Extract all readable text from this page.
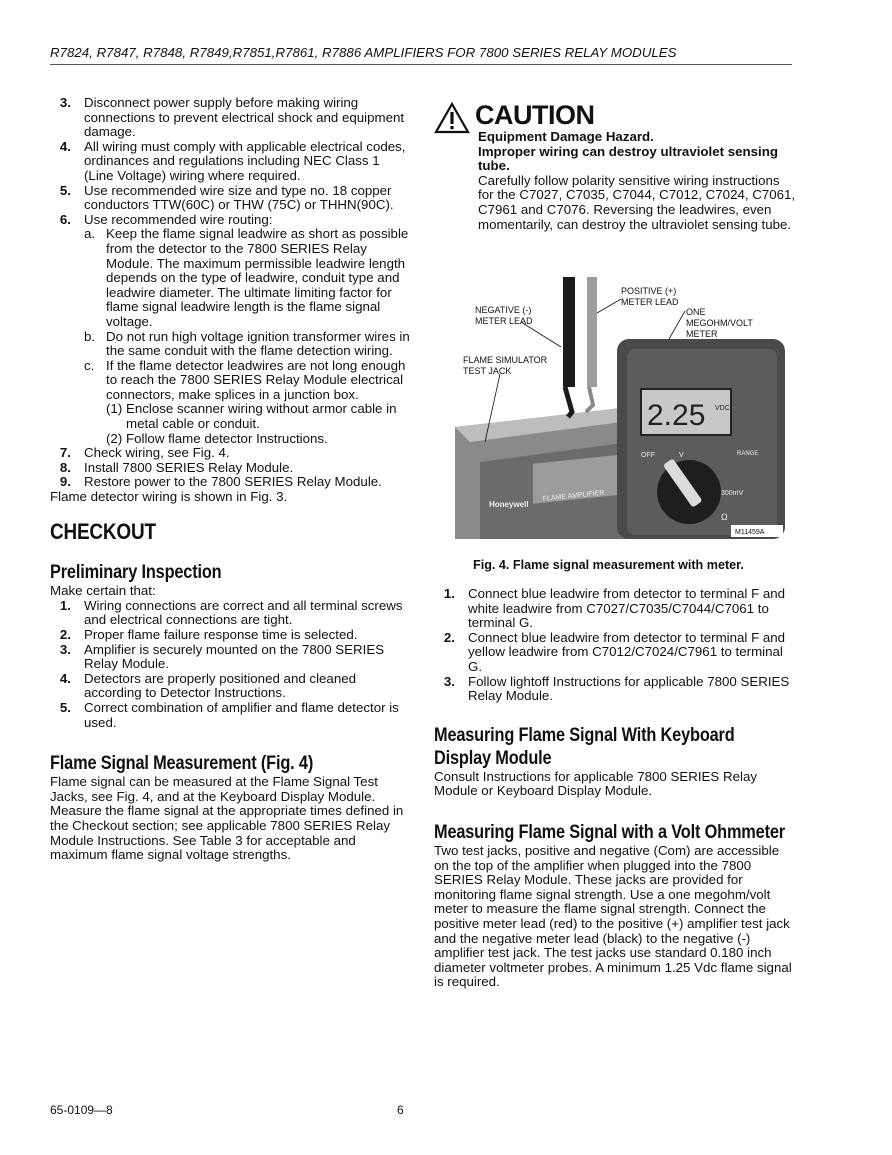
R7824, R7847, R7848, R7849,R7851,R7861, R7886 AMPLIFIERS FOR 7800 SERIES RELAY MODULES
3. Disconnect power supply before making wiring connections to prevent electrical shock and equipment damage.
4. All wiring must comply with applicable electrical codes, ordinances and regulations including NEC Class 1 (Line Voltage) wiring where required.
5. Use recommended wire size and type no. 18 copper conductors TTW(60C) or THW (75C) or THHN(90C).
6. Use recommended wire routing:
a. Keep the flame signal leadwire as short as possible from the detector to the 7800 SERIES Relay Module. The maximum permissible leadwire length depends on the type of leadwire, conduit type and leadwire diameter. The ultimate limiting factor for flame signal leadwire length is the flame signal voltage.
b. Do not run high voltage ignition transformer wires in the same conduit with the flame detection wiring.
c. If the flame detector leadwires are not long enough to reach the 7800 SERIES Relay Module electrical connectors, make splices in a junction box.
(1) Enclose scanner wiring without armor cable in metal cable or conduit.
(2) Follow flame detector Instructions.
7. Check wiring, see Fig. 4.
8. Install 7800 SERIES Relay Module.
9. Restore power to the 7800 SERIES Relay Module.

Flame detector wiring is shown in Fig. 3.

CHECKOUT
Preliminary Inspection

Make certain that:

1. Wiring connections are correct and all terminal screws and electrical connections are tight.
2. Proper flame failure response time is selected.
3. Amplifier is securely mounted on the 7800 SERIES Relay Module.
4. Detectors are properly positioned and cleaned according to Detector Instructions.
5. Correct combination of amplifier and flame detector is used.
Flame Signal Measurement (Fig. 4)

Flame signal can be measured at the Flame Signal Test Jacks, see Fig. 4, and at the Keyboard Display Module. Measure the flame signal at the appropriate times defined in the Checkout section; see applicable 7800 SERIES Relay Module Instructions. See Table 3 for acceptable and maximum flame signal voltage strengths.

CAUTION

Equipment Damage Hazard.

Improper wiring can destroy ultraviolet sensing tube.

Carefully follow polarity sensitive wiring instructions for the C7027, C7035, C7044, C7012, C7024, C7061, C7961 and C7076. Reversing the leadwires, even momentarily, can destroy the ultraviolet sensing tube.

POSITIVE (+)
METER LEAD
NEGATIVE (-)
METER LEAD
ONE
MEGOHM/VOLT
METER
FLAME SIMULATOR
TEST JACK
2.25 VDC
OFF	V	RANGE
300mV
Ω
Honeywell
FLAME AMPLIFIER
M11459A
Fig. 4. Flame signal measurement with meter.
1. Connect blue leadwire from detector to terminal F and white leadwire from C7027/C7035/C7044/C7061 to terminal G.
2. Connect blue leadwire from detector to terminal F and yellow leadwire from C7012/C7024/C7961 to terminal G.
3. Follow lightoff Instructions for applicable 7800 SERIES Relay Module.
Measuring Flame Signal With Keyboard Display Module

Consult Instructions for applicable 7800 SERIES Relay Module or Keyboard Display Module.

Measuring Flame Signal with a Volt Ohmmeter

Two test jacks, positive and negative (Com) are accessible on the top of the amplifier when plugged into the 7800 SERIES Relay Module. These jacks are provided for monitoring flame signal strength. Use a one megohm/volt meter to measure the flame signal strength. Connect the positive meter lead (red) to the positive (+) amplifier test jack and the negative meter lead (black) to the negative (-) amplifier test jack. The test jacks use standard 0.180 inch diameter voltmeter probes. A minimum 1.25 Vdc flame signal is required.

65-0109—8	6
